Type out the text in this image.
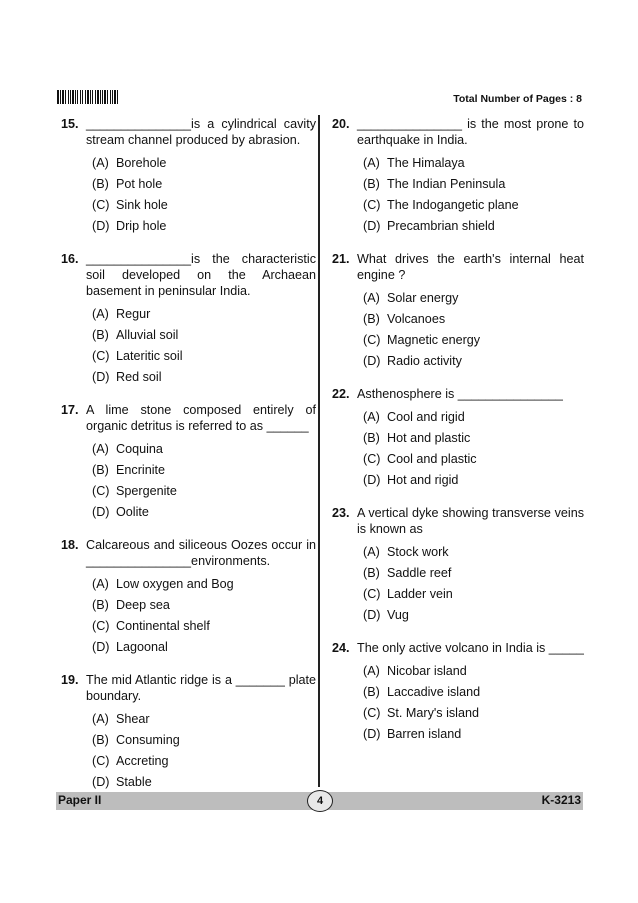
Total Number of Pages : 8
15. _______________is a cylindrical cavity stream channel produced by abrasion.
(A) Borehole
(B) Pot hole
(C) Sink hole
(D) Drip hole
16. _______________is the characteristic soil developed on the Archaean basement in peninsular India.
(A) Regur
(B) Alluvial soil
(C) Lateritic soil
(D) Red soil
17. A lime stone composed entirely of organic detritus is referred to as ______
(A) Coquina
(B) Encrinite
(C) Spergenite
(D) Oolite
18. Calcareous and siliceous Oozes occur in _______________environments.
(A) Low oxygen and Bog
(B) Deep sea
(C) Continental shelf
(D) Lagoonal
19. The mid Atlantic ridge is a _______ plate boundary.
(A) Shear
(B) Consuming
(C) Accreting
(D) Stable
20. _______________ is the most prone to earthquake in India.
(A) The Himalaya
(B) The Indian Peninsula
(C) The Indogangetic plane
(D) Precambrian shield
21. What drives the earth's internal heat engine ?
(A) Solar energy
(B) Volcanoes
(C) Magnetic energy
(D) Radio activity
22. Asthenosphere is _______________
(A) Cool and rigid
(B) Hot and plastic
(C) Cool and plastic
(D) Hot and rigid
23. A vertical dyke showing transverse veins is known as
(A) Stock work
(B) Saddle reef
(C) Ladder vein
(D) Vug
24. The only active volcano in India is _____
(A) Nicobar island
(B) Laccadive island
(C) St. Mary's island
(D) Barren island
Paper II	4	K-3213
